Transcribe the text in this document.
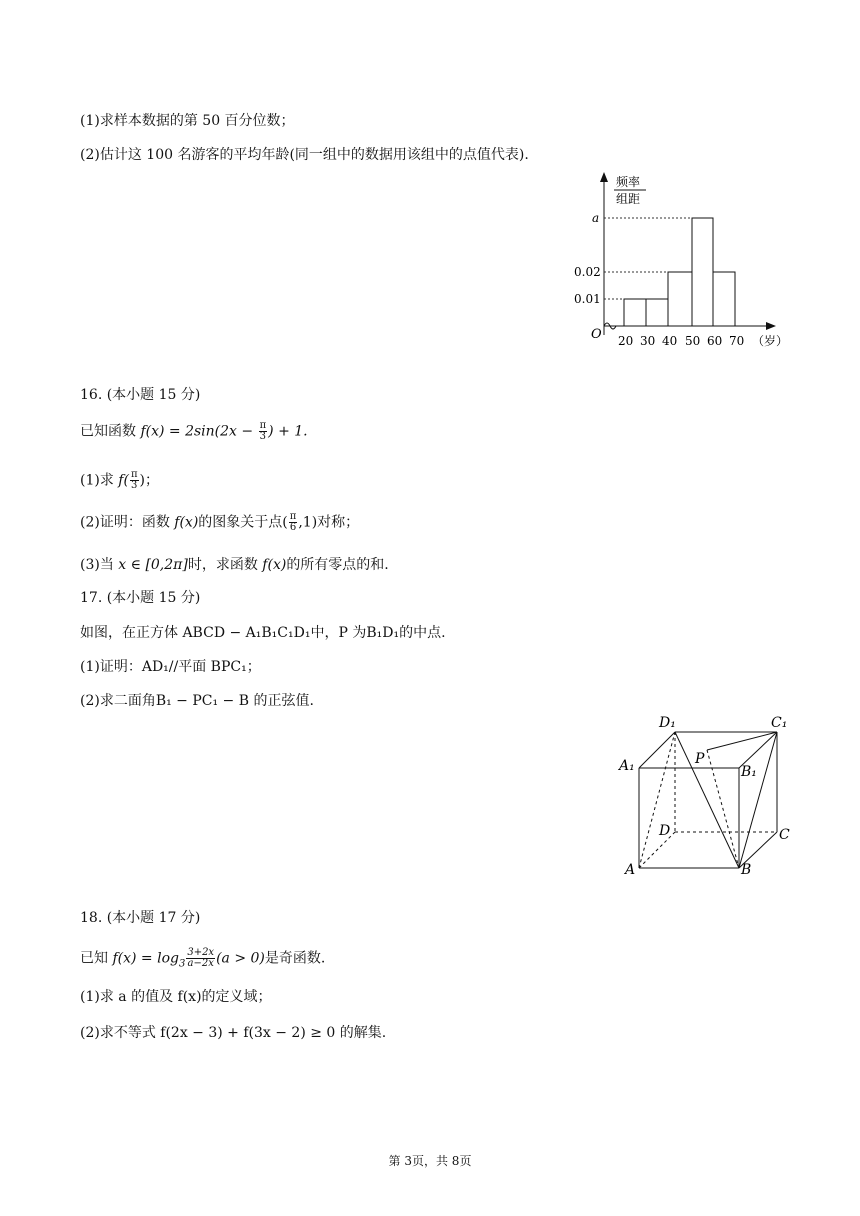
(1)求样本数据的第 50 百分位数；
(2)估计这 100 名游客的平均年龄(同一组中的数据用该组中的点值代表).
频率
组距
a
0.02
0.01
O 20 30 40 50 60 70 （岁）
16. (本小题 15 分)
已知函数 $f(x) = 2\sin(2x - \frac{\pi}{3}$ ) + 1.
(1)求 $f( \frac{\pi}{3}$ )；
(2)证明：函数 f(x)的图象关于点( $\frac{\pi}{6} ,1$)对称；
(3)当 x ∈ [0,2π]时，求函数 f(x)的所有零点的和.
17. (本小题 15 分)
如图，在正方体 ABCD − A₁B₁C₁D₁中，P 为B₁D₁的中点.
(1)证明：AD₁//平面 BPC₁；
(2)求二面角B₁ − PC₁ − B 的正弦值.
D₁	C₁
A₁	P
B₁
D	C
A	B
18. (本小题 17 分)
已知 $f(x) = \log_3 \frac{3+2x}{a-2x} (a > 0)$是奇函数.
(1)求 a 的值及 f(x)的定义域；
(2)求不等式 f(2x − 3) + f(3x − 2) ≥ 0 的解集.
第 3页，共 8页
